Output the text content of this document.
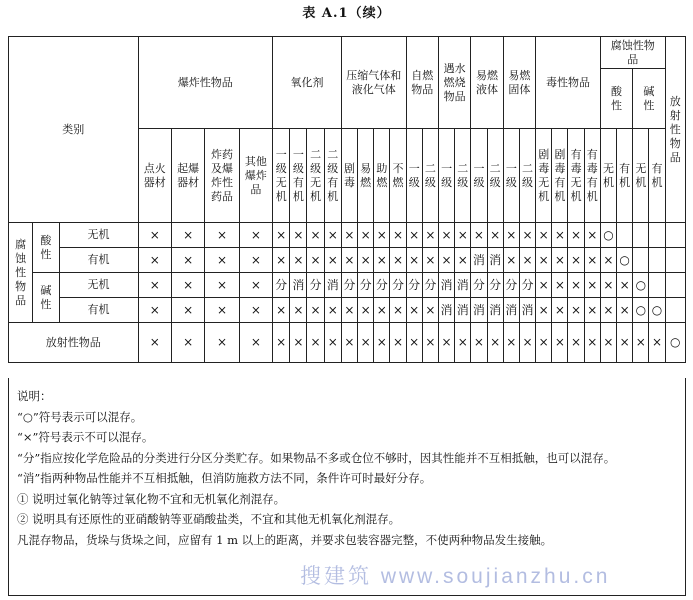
表 A.1（续）
类别			爆炸性物品				氧化剂				压缩气体和液化气体				自燃物品		遇水燃烧物品		易燃液体		易燃固体		毒性物品				腐蚀性物品				放射性物品
																											酸性		碱性		
			点火器材	起爆器材	炸药及爆炸性药品	其他爆炸品	一级无机	一级有机	二级无机	二级有机	剧毒	易燃	助燃	不燃	一级	二级	一级	二级	一级	二级	一级	二级	剧毒无机	剧毒有机	有毒无机	有毒有机	无机	有机	无机	有机	
腐蚀性物品	酸性	无机	×	×	×	×	×	×	×	×	×	×	×	×	×	×	×	×	×	×	×	×	×	×	×	×	○				
		有机	×	×	×	×	×	×	×	×	×	×	×	×	×	×	×	×	消	消	×	×	×	×	×	×	×	○			
	碱性	无机	×	×	×	×	分	消	分	消	分	分	分	分	分	分	消	消	分	分	分	分	×	×	×	×	×	×	○		
		有机	×	×	×	×	×	×	×	×	×	×	×	×	×	×	消	消	消	消	消	消	×	×	×	×	×	×	○	○	
放射性物品			×	×	×	×	×	×	×	×	×	×	×	×	×	×	×	×	×	×	×	×	×	×	×	×	×	×	×	×	○
说明：
“○”符号表示可以混存。
“×”符号表示不可以混存。
“分”指应按化学危险品的分类进行分区分类贮存。如果物品不多或仓位不够时，因其性能并不互相抵触，也可以混存。
“消”指两种物品性能并不互相抵触，但消防施救方法不同，条件许可时最好分存。
① 说明过氧化钠等过氧化物不宜和无机氧化剂混存。
② 说明具有还原性的亚硝酸钠等亚硝酸盐类，不宜和其他无机氧化剂混存。
凡混存物品，货垛与货垛之间，应留有 1 m 以上的距离，并要求包装容器完整，不使两种物品发生接触。
搜建筑 www.soujianzhu.cn
